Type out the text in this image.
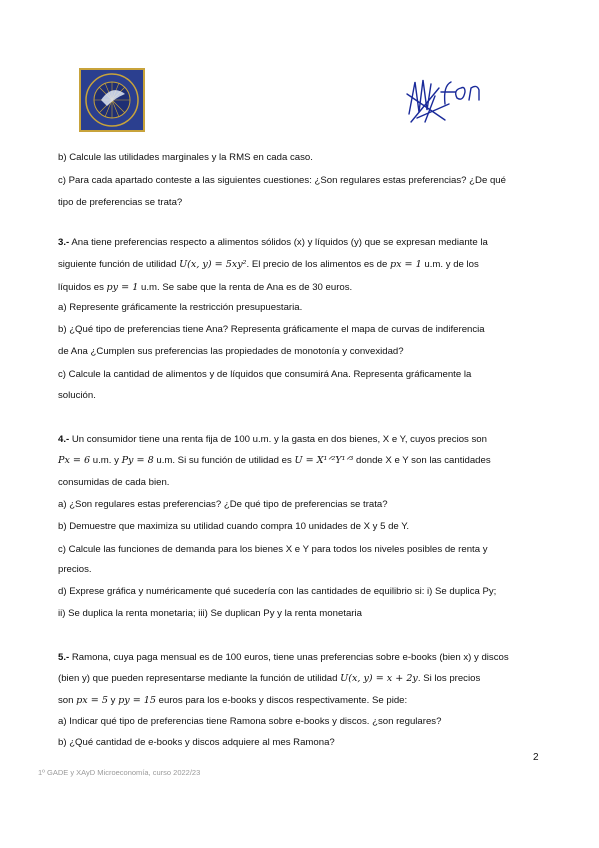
b) Calcule las utilidades marginales y la RMS en cada caso.
c) Para cada apartado conteste a las siguientes cuestiones: ¿Son regulares estas preferencias? ¿De qué
tipo de preferencias se trata?
3.- Ana tiene preferencias respecto a alimentos sólidos (x) y líquidos (y) que se expresan mediante la
siguiente función de utilidad U(x, y) = 5xy². El precio de los alimentos es de px = 1 u.m. y de los
líquidos es py = 1 u.m. Se sabe que la renta de Ana es de 30 euros.
a) Represente gráficamente la restricción presupuestaria.
b) ¿Qué tipo de preferencias tiene Ana? Representa gráficamente el mapa de curvas de indiferencia
de Ana ¿Cumplen sus preferencias las propiedades de monotonía y convexidad?
c) Calcule la cantidad de alimentos y de líquidos que consumirá Ana. Representa gráficamente la
solución.
4.- Un consumidor tiene una renta fija de 100 u.m. y la gasta en dos bienes, X e Y, cuyos precios son
Px = 6 u.m. y Py = 8 u.m. Si su función de utilidad es U = X¹ᐟ²Y¹ᐟ³ donde X e Y son las cantidades
consumidas de cada bien.
a) ¿Son regulares estas preferencias? ¿De qué tipo de preferencias se trata?
b) Demuestre que maximiza su utilidad cuando compra 10 unidades de X y 5 de Y.
c) Calcule las funciones de demanda para los bienes X e Y para todos los niveles posibles de renta y
precios.
d) Exprese gráfica y numéricamente qué sucedería con las cantidades de equilibrio si: i) Se duplica Py;
ii) Se duplica la renta monetaria; iii) Se duplican Py y la renta monetaria
5.- Ramona, cuya paga mensual es de 100 euros, tiene unas preferencias sobre e-books (bien x) y discos
(bien y) que pueden representarse mediante la función de utilidad U(x, y) = x + 2y. Si los precios
son px = 5 y py = 15 euros para los e-books y discos respectivamente. Se pide:
a) Indicar qué tipo de preferencias tiene Ramona sobre e-books y discos. ¿son regulares?
b) ¿Qué cantidad de e-books y discos adquiere al mes Ramona?
2
1º GADE y XAyD Microeconomía, curso 2022/23
